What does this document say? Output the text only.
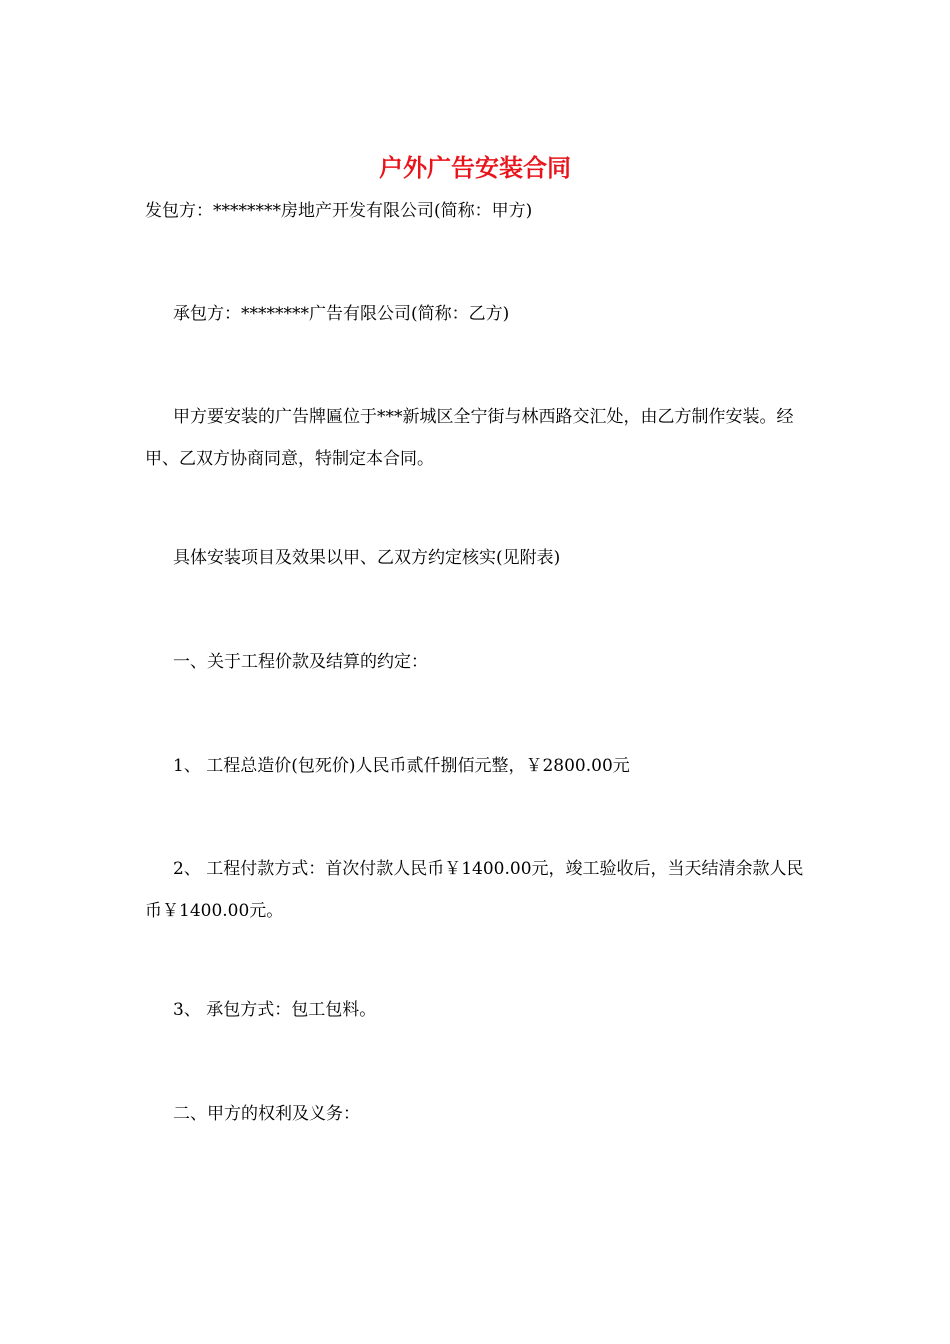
户外广告安装合同

发包方：********房地产开发有限公司(简称：甲方)

承包方：********广告有限公司(简称：乙方)

甲方要安装的广告牌匾位于***新城区全宁街与林西路交汇处，由乙方制作安装。经甲、乙双方协商同意，特制定本合同。

具体安装项目及效果以甲、乙双方约定核实(见附表)

一、关于工程价款及结算的约定：

1、 工程总造价(包死价)人民币贰仟捌佰元整，￥2800.00元

2、 工程付款方式：首次付款人民币￥1400.00元，竣工验收后，当天结清余款人民币￥1400.00元。

3、 承包方式：包工包料。

二、甲方的权利及义务：
